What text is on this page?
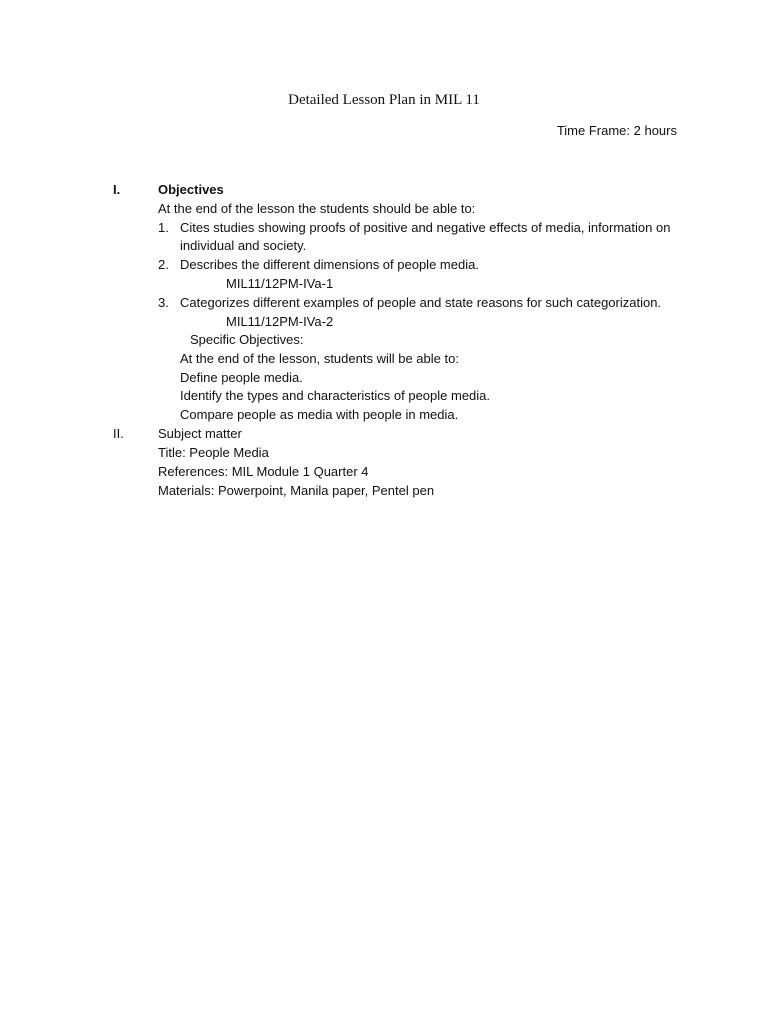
Detailed Lesson Plan in MIL 11
Time Frame: 2 hours
I.	Objectives
At the end of the lesson the students should be able to:
1. Cites studies showing proofs of positive and negative effects of media, information on
individual and society.
2. Describes the different dimensions of people media.
MIL11/12PM-IVa-1
3. Categorizes different examples of people and state reasons for such categorization.
MIL11/12PM-IVa-2
Specific Objectives:
At the end of the lesson, students will be able to:
Define people media.
Identify the types and characteristics of people media.
Compare people as media with people in media.
II.	Subject matter
Title: People Media
References: MIL Module 1 Quarter 4
Materials: Powerpoint, Manila paper, Pentel pen
